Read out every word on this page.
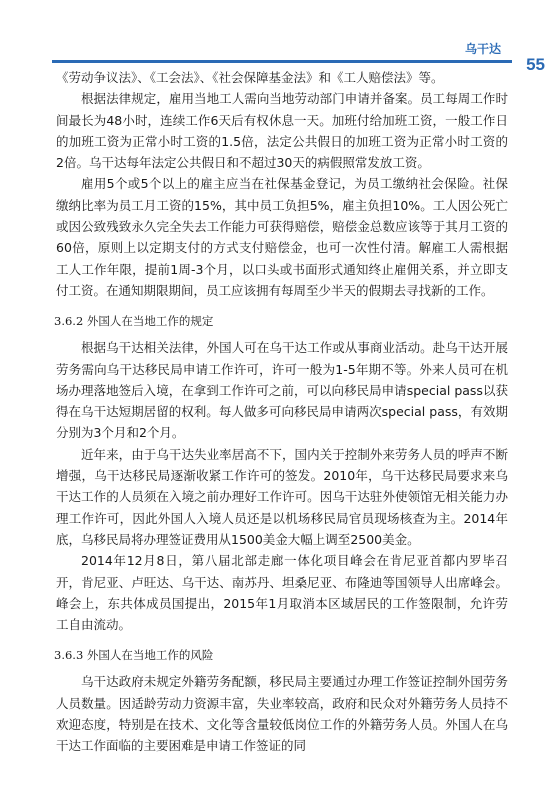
乌干达
55

《劳动争议法》、《工会法》、《社会保障基金法》和《工人赔偿法》等。

根据法律规定，雇用当地工人需向当地劳动部门申请并备案。员工每周工作时间最长为48小时，连续工作6天后有权休息一天。加班付给加班工资，一般工作日的加班工资为正常小时工资的1.5倍，法定公共假日的加班工资为正常小时工资的2倍。乌干达每年法定公共假日和不超过30天的病假照常发放工资。

雇用5个或5个以上的雇主应当在社保基金登记，为员工缴纳社会保险。社保缴纳比率为员工月工资的15%，其中员工负担5%，雇主负担10%。工人因公死亡或因公致残致永久完全失去工作能力可获得赔偿，赔偿金总数应该等于其月工资的60倍，原则上以定期支付的方式支付赔偿金，也可一次性付清。解雇工人需根据工人工作年限，提前1周-3个月，以口头或书面形式通知终止雇佣关系，并立即支付工资。在通知期限期间，员工应该拥有每周至少半天的假期去寻找新的工作。

3.6.2 外国人在当地工作的规定

根据乌干达相关法律，外国人可在乌干达工作或从事商业活动。赴乌干达开展劳务需向乌干达移民局申请工作许可，许可一般为1-5年期不等。外来人员可在机场办理落地签后入境，在拿到工作许可之前，可以向移民局申请special pass以获得在乌干达短期居留的权利。每人做多可向移民局申请两次special pass，有效期分别为3个月和2个月。

近年来，由于乌干达失业率居高不下，国内关于控制外来劳务人员的呼声不断增强，乌干达移民局逐渐收紧工作许可的签发。2010年，乌干达移民局要求来乌干达工作的人员须在入境之前办理好工作许可。因乌干达驻外使领馆无相关能力办理工作许可，因此外国人入境人员还是以机场移民局官员现场核查为主。2014年底，乌移民局将办理签证费用从1500美金大幅上调至2500美金。

2014年12月8日，第八届北部走廊一体化项目峰会在肯尼亚首都内罗毕召开，肯尼亚、卢旺达、乌干达、南苏丹、坦桑尼亚、布隆迪等国领导人出席峰会。峰会上，东共体成员国提出，2015年1月取消本区域居民的工作签限制，允许劳工自由流动。

3.6.3 外国人在当地工作的风险

乌干达政府未规定外籍劳务配额，移民局主要通过办理工作签证控制外国劳务人员数量。因适龄劳动力资源丰富，失业率较高，政府和民众对外籍劳务人员持不欢迎态度，特别是在技术、文化等含量较低岗位工作的外籍劳务人员。外国人在乌干达工作面临的主要困难是申请工作签证的同
